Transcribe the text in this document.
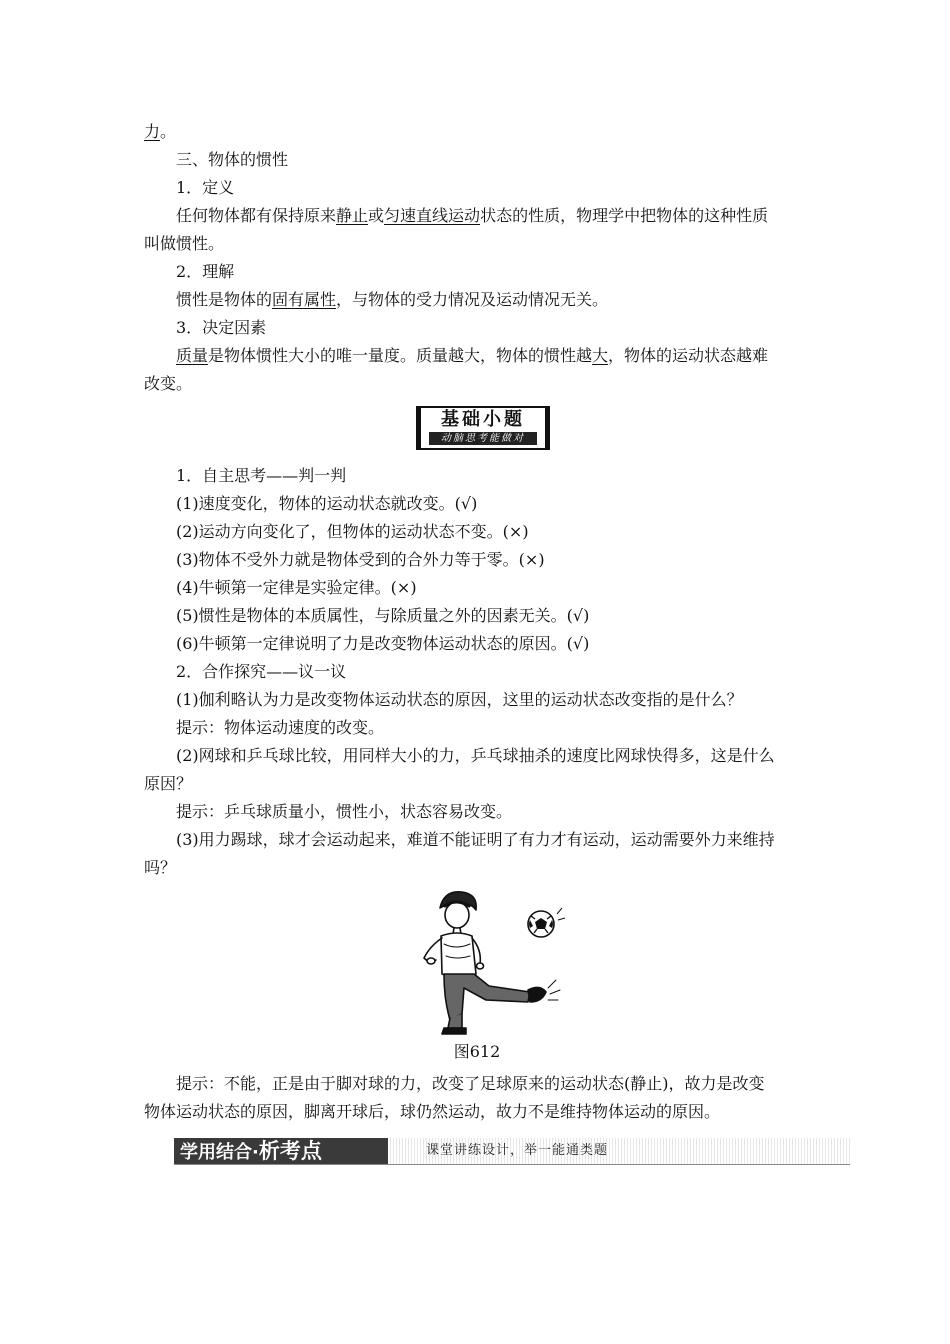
力。

三、物体的惯性

1．定义

任何物体都有保持原来静止或匀速直线运动状态的性质，物理学中把物体的这种性质

叫做惯性。

2．理解

惯性是物体的固有属性，与物体的受力情况及运动情况无关。

3．决定因素

质量是物体惯性大小的唯一量度。质量越大，物体的惯性越大，物体的运动状态越难

改变。

基础小题
动脑思考能做对

1．自主思考——判一判

(1)速度变化，物体的运动状态就改变。(√)

(2)运动方向变化了，但物体的运动状态不变。(×)

(3)物体不受外力就是物体受到的合外力等于零。(×)

(4)牛顿第一定律是实验定律。(×)

(5)惯性是物体的本质属性，与除质量之外的因素无关。(√)

(6)牛顿第一定律说明了力是改变物体运动状态的原因。(√)

2．合作探究——议一议

(1)伽利略认为力是改变物体运动状态的原因，这里的运动状态改变指的是什么？

提示：物体运动速度的改变。

(2)网球和乒乓球比较，用同样大小的力，乒乓球抽杀的速度比网球快得多，这是什么

原因？

提示：乒乓球质量小，惯性小，状态容易改变。

(3)用力踢球，球才会运动起来，难道不能证明了有力才有运动，运动需要外力来维持

吗？

图612

提示：不能，正是由于脚对球的力，改变了足球原来的运动状态(静止)，故力是改变

物体运动状态的原因，脚离开球后，球仍然运动，故力不是维持物体运动的原因。

学用结合·析考点	课堂讲练设计，举一能通类题
